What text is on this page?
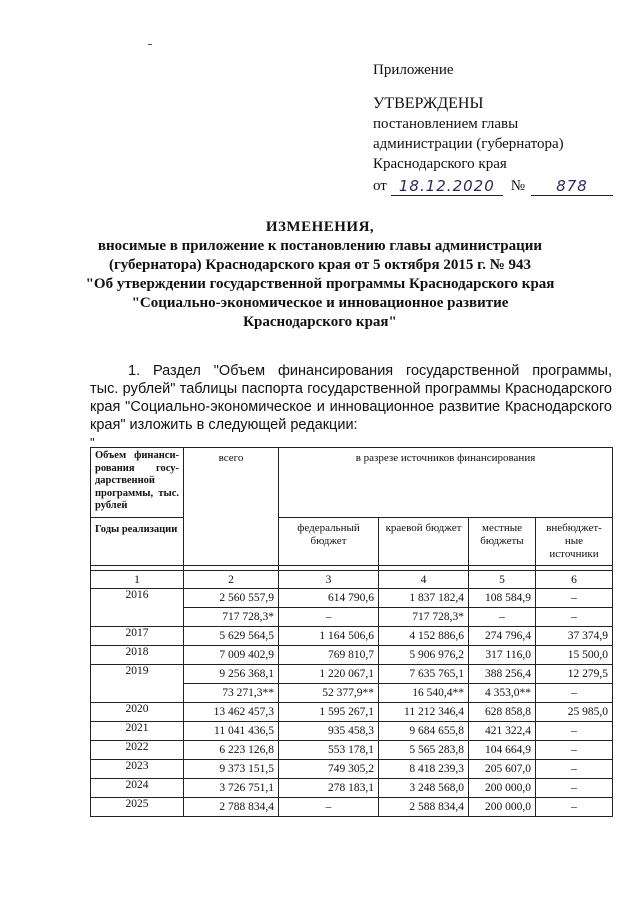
Приложение
УТВЕРЖДЕНЫ
постановлением главы
администрации (губернатора)
Краснодарского края
от 18.12.2020	№	878
ИЗМЕНЕНИЯ,
вносимые в приложение к постановлению главы администрации
(губернатора) Краснодарского края от 5 октября 2015 г. № 943
"Об утверждении государственной программы Краснодарского края
"Социально-экономическое и инновационное развитие
Краснодарского края"
1. Раздел "Объем финансирования государственной программы,
тыс. рублей" таблицы паспорта государственной программы Краснодарского
края "Социально-экономическое и инновационное развитие Краснодарского
края" изложить в следующей редакции:
"
Объем финанси-рования госу-дарственной программы, тыс. рублей	всего	в разрезе источников финансирования			
Годы реализации		федеральный бюджет	краевой бюджет	местные бюджеты	внебюджет-ные источники

1	2	3	4	5	6
2016	2 560 557,9	614 790,6	1 837 182,4	108 584,9	–
	717 728,3*	–	717 728,3*	–	–
2017	5 629 564,5	1 164 506,6	4 152 886,6	274 796,4	37 374,9
2018	7 009 402,9	769 810,7	5 906 976,2	317 116,0	15 500,0
2019	9 256 368,1	1 220 067,1	7 635 765,1	388 256,4	12 279,5
	73 271,3**	52 377,9**	16 540,4**	4 353,0**	–
2020	13 462 457,3	1 595 267,1	11 212 346,4	628 858,8	25 985,0
2021	11 041 436,5	935 458,3	9 684 655,8	421 322,4	–
2022	6 223 126,8	553 178,1	5 565 283,8	104 664,9	–
2023	9 373 151,5	749 305,2	8 418 239,3	205 607,0	–
2024	3 726 751,1	278 183,1	3 248 568,0	200 000,0	–
2025	2 788 834,4	–	2 588 834,4	200 000,0	–
